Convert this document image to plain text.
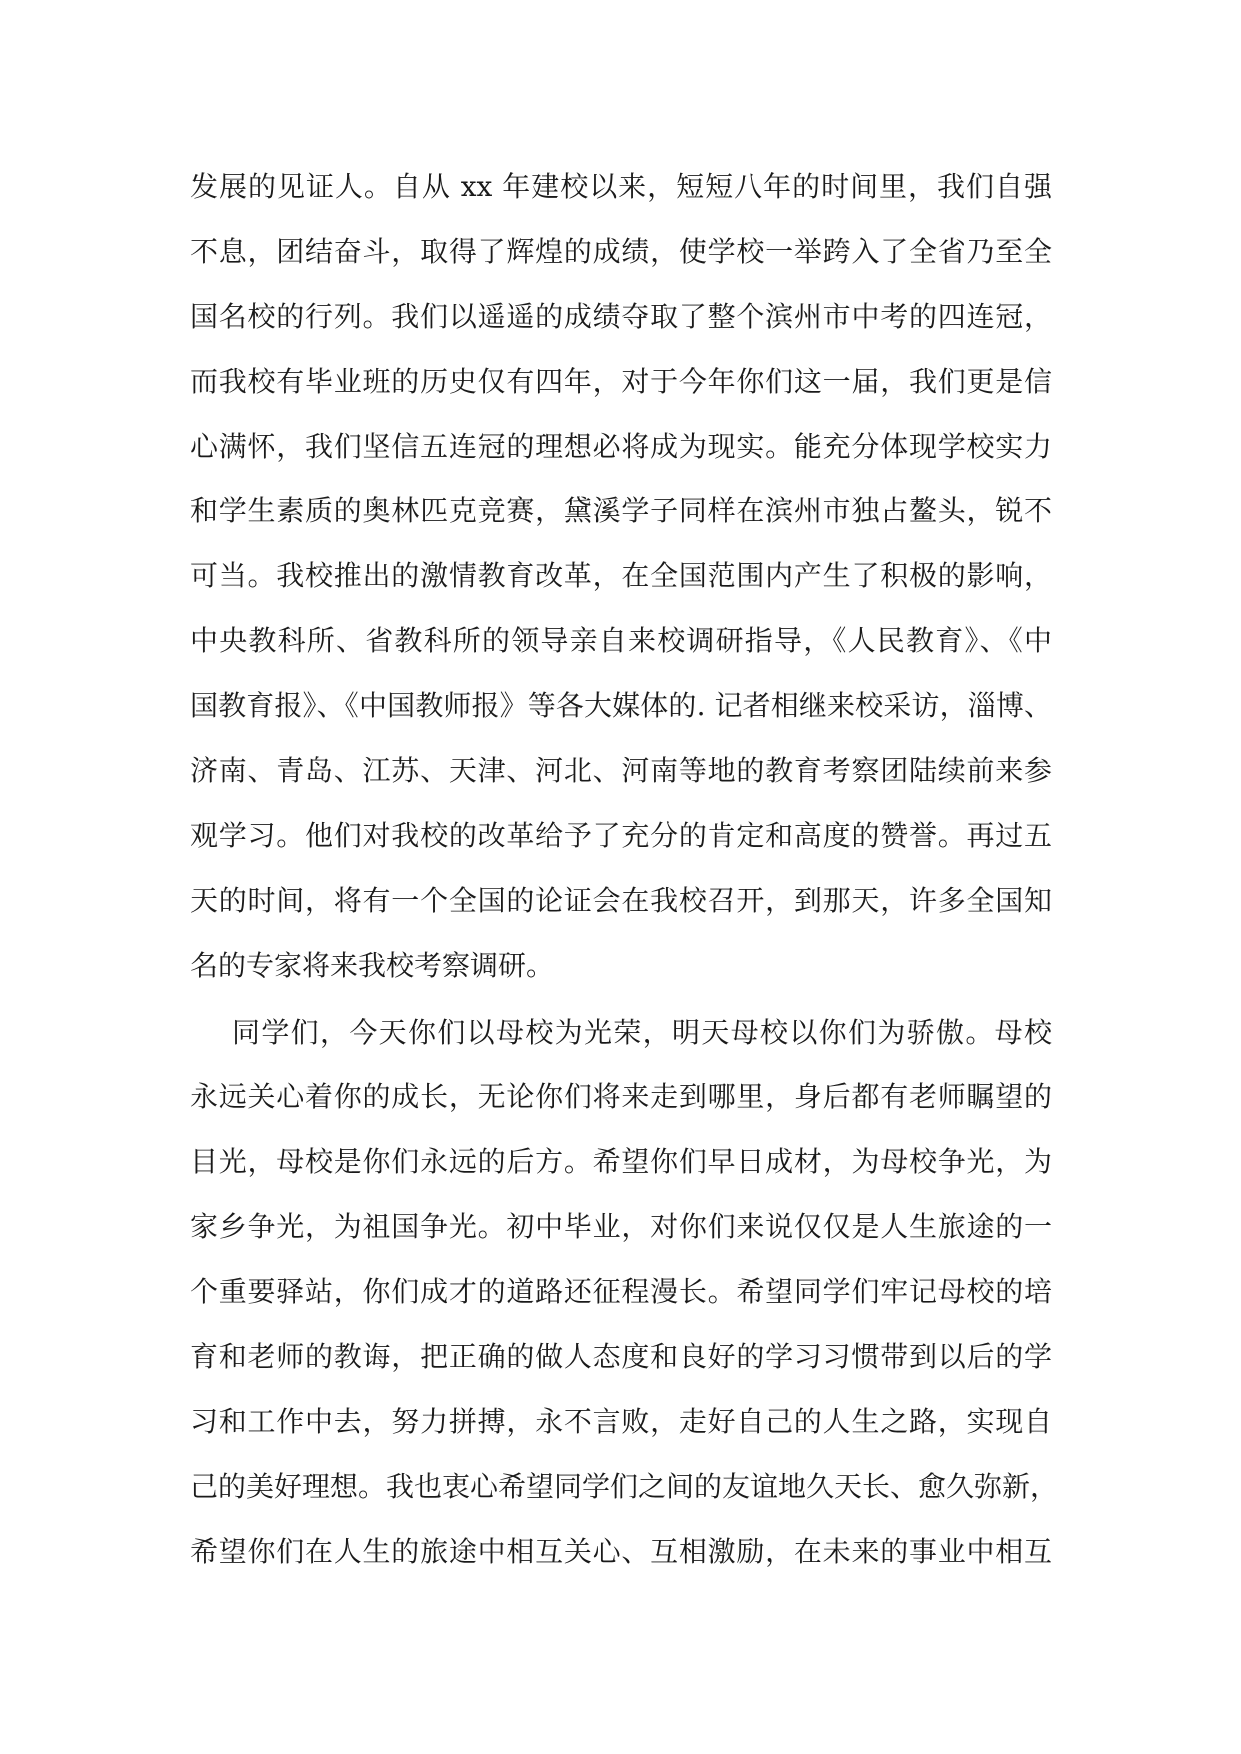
发展的见证人。自从 xx 年建校以来，短短八年的时间里，我们自强
不息，团结奋斗，取得了辉煌的成绩，使学校一举跨入了全省乃至全
国名校的行列。我们以遥遥的成绩夺取了整个滨州市中考的四连冠，
而我校有毕业班的历史仅有四年，对于今年你们这一届，我们更是信
心满怀，我们坚信五连冠的理想必将成为现实。能充分体现学校实力
和学生素质的奥林匹克竞赛，黛溪学子同样在滨州市独占鳌头，锐不
可当。我校推出的激情教育改革，在全国范围内产生了积极的影响，
中央教科所、省教科所的领导亲自来校调研指导，《人民教育》、《中
国教育报》、《中国教师报》等各大媒体的. 记者相继来校采访，淄博、
济南、青岛、江苏、天津、河北、河南等地的教育考察团陆续前来参
观学习。他们对我校的改革给予了充分的肯定和高度的赞誉。再过五
天的时间，将有一个全国的论证会在我校召开，到那天，许多全国知
名的专家将来我校考察调研。
同学们，今天你们以母校为光荣，明天母校以你们为骄傲。母校
永远关心着你的成长，无论你们将来走到哪里，身后都有老师瞩望的
目光，母校是你们永远的后方。希望你们早日成材，为母校争光，为
家乡争光，为祖国争光。初中毕业，对你们来说仅仅是人生旅途的一
个重要驿站，你们成才的道路还征程漫长。希望同学们牢记母校的培
育和老师的教诲，把正确的做人态度和良好的学习习惯带到以后的学
习和工作中去，努力拼搏，永不言败，走好自己的人生之路，实现自
己的美好理想。我也衷心希望同学们之间的友谊地久天长、愈久弥新，
希望你们在人生的旅途中相互关心、互相激励，在未来的事业中相互
